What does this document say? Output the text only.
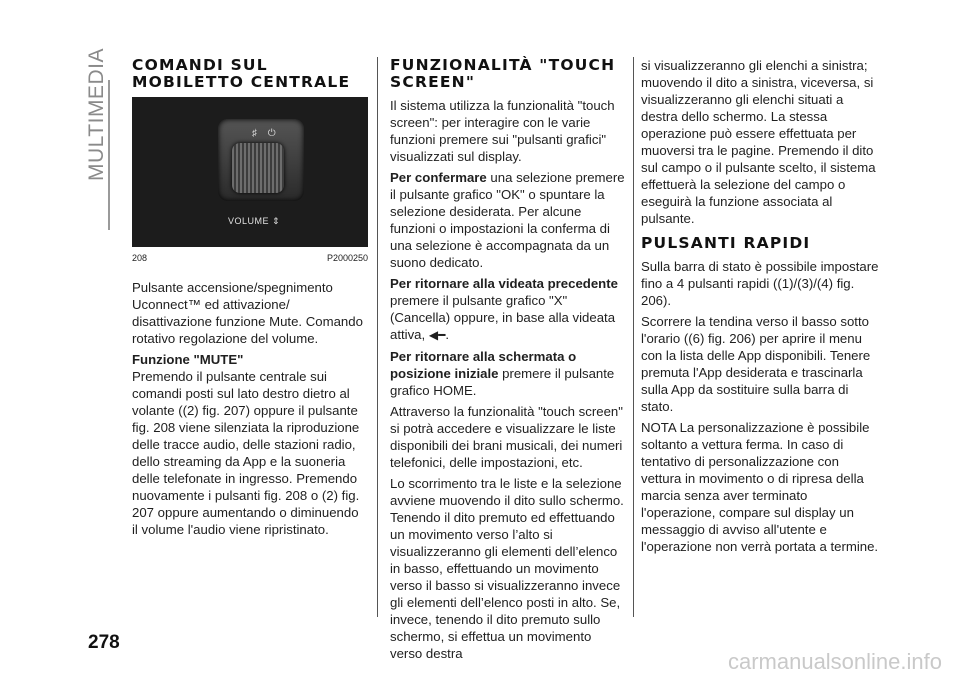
MULTIMEDIA COMANDI SUL
MOBILETTO CENTRALE
♯ ⏻
VOLUME ⇕
208	P2000250

Pulsante accensione/spegnimento Uconnect™ ed attivazione/ disattivazione funzione Mute. Comando rotativo regolazione del volume.

Funzione "MUTE"

Premendo il pulsante centrale sui comandi posti sul lato destro dietro al volante ((2) fig. 207) oppure il pulsante fig. 208 viene silenziata la riproduzione delle tracce audio, delle stazioni radio, dello streaming da App e la suoneria delle telefonate in ingresso. Premendo nuovamente i pulsanti fig. 208 o (2) fig. 207 oppure aumentando o diminuendo il volume l'audio viene ripristinato.

FUNZIONALITÀ "TOUCH
SCREEN"

Il sistema utilizza la funzionalità "touch screen": per interagire con le varie funzioni premere sui "pulsanti grafici" visualizzati sul display.

Per confermare una selezione premere il pulsante grafico "OK" o spuntare la selezione desiderata. Per alcune funzioni o impostazioni la conferma di una selezione è accompagnata da un suono dedicato.

Per ritornare alla videata precedente premere il pulsante grafico "X" (Cancella) oppure, in base alla videata attiva, ◀━.

Per ritornare alla schermata o posizione iniziale premere il pulsante grafico HOME.

Attraverso la funzionalità "touch screen" si potrà accedere e visualizzare le liste disponibili dei brani musicali, dei numeri telefonici, delle impostazioni, etc.

Lo scorrimento tra le liste e la selezione avviene muovendo il dito sullo schermo. Tenendo il dito premuto ed effettuando un movimento verso l’alto si visualizzeranno gli elementi dell’elenco in basso, effettuando un movimento verso il basso si visualizzeranno invece gli elementi dell’elenco posti in alto. Se, invece, tenendo il dito premuto sullo schermo, si effettua un movimento verso destra

si visualizzeranno gli elenchi a sinistra; muovendo il dito a sinistra, viceversa, si visualizzeranno gli elenchi situati a destra dello schermo. La stessa operazione può essere effettuata per muoversi tra le pagine. Premendo il dito sul campo o il pulsante scelto, il sistema effettuerà la selezione del campo o eseguirà la funzione associata al pulsante.

PULSANTI RAPIDI

Sulla barra di stato è possibile impostare fino a 4 pulsanti rapidi ((1)/(3)/(4) fig. 206).

Scorrere la tendina verso il basso sotto l'orario ((6) fig. 206) per aprire il menu con la lista delle App disponibili. Tenere premuta l'App desiderata e trascinarla sulla App da sostituire sulla barra di stato.

NOTA La personalizzazione è possibile soltanto a vettura ferma. In caso di tentativo di personalizzazione con vettura in movimento o di ripresa della marcia senza aver terminato l'operazione, compare sul display un messaggio di avviso all'utente e l'operazione non verrà portata a termine.

278
carmanualsonline.info
